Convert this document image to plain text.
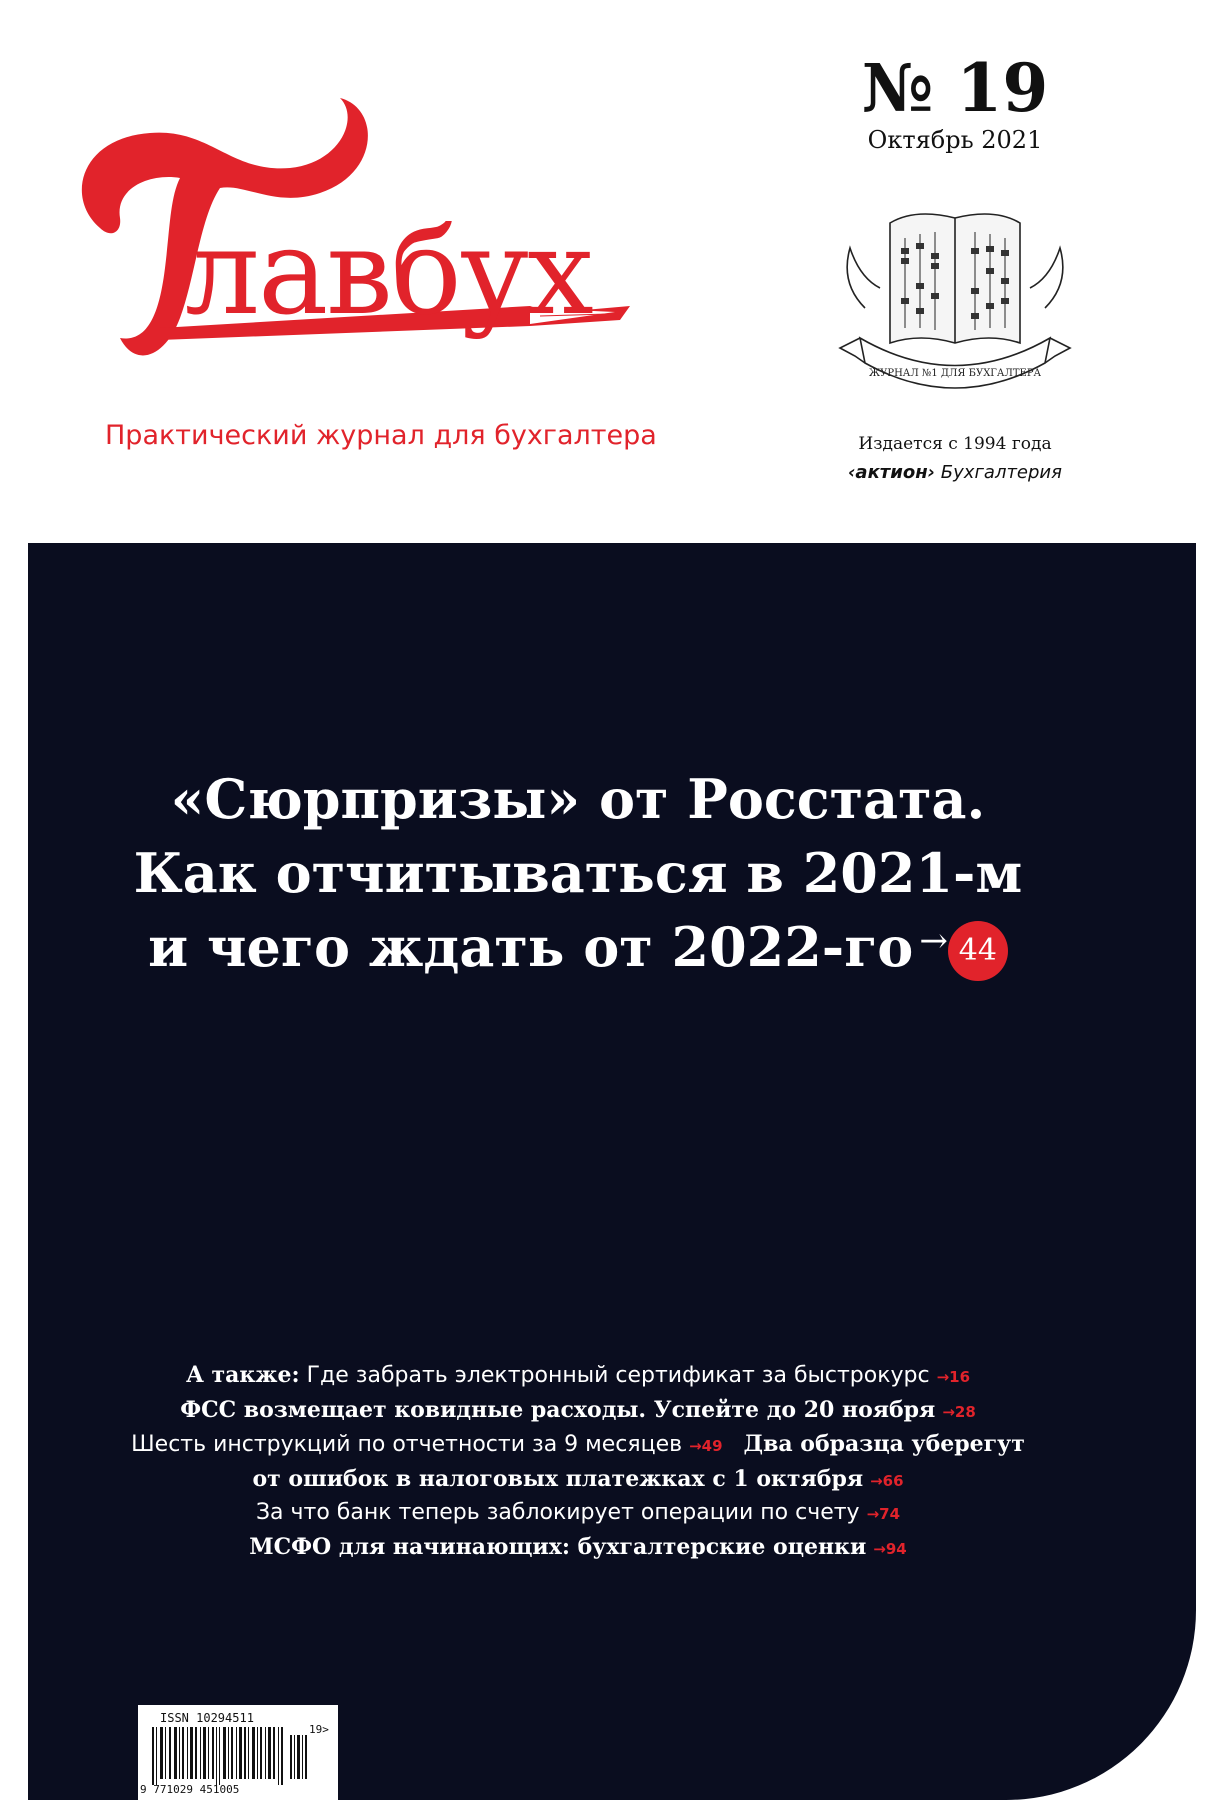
лавбух
Практический журнал для бухгалтера
№ 19
Октябрь 2021
ЖУРНАЛ №1 ДЛЯ БУХГАЛТЕРА
Издается с 1994 года
‹актион› Бухгалтерия
«Сюрпризы» от Росстата.
Как отчитываться в 2021-м
и чего ждать от 2022-го → 44
А также: Где забрать электронный сертификат за быстрокурс →16
ФСС возмещает ковидные расходы. Успейте до 20 ноября →28
Шесть инструкций по отчетности за 9 месяцев →49 Два образца уберегут
от ошибок в налоговых платежках с 1 октября →66
За что банк теперь заблокирует операции по счету →74
МСФО для начинающих: бухгалтерские оценки →94
ISSN 10294511
19>
9 771029 451005
